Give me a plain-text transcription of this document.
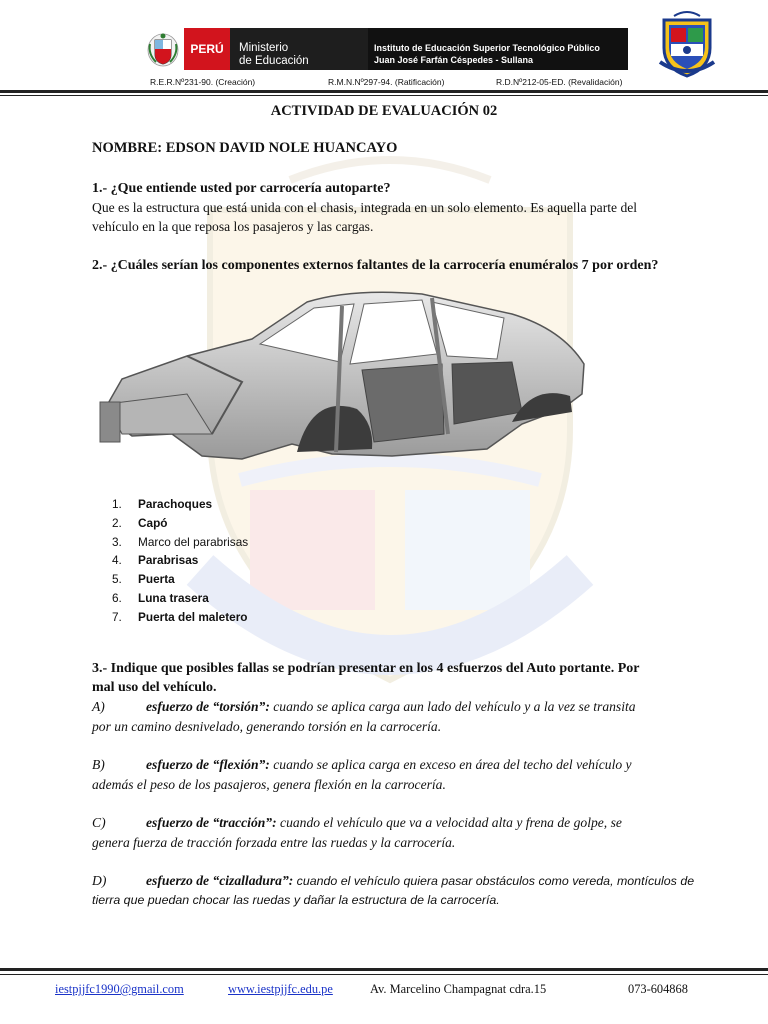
PERÚ	Ministerio
de Educación
Instituto de Educación Superior Tecnológico Público
Juan José Farfán Céspedes - Sullana
R.E.R.Nº231-90. (Creación)	R.M.N.Nº297-94. (Ratificación)	R.D.Nº212-05-ED. (Revalidación)
ACTIVIDAD DE EVALUACIÓN 02
NOMBRE: EDSON DAVID NOLE HUANCAYO
1.- ¿Que entiende usted por carrocería autoparte?
Que es la estructura que está unida con el chasis, integrada en un solo elemento. Es aquella parte del
vehículo en la que reposa los pasajeros y las cargas.
2.- ¿Cuáles serían los componentes externos faltantes de la carrocería enuméralos 7 por orden?
1.	Parachoques
2.	Capó
3.	Marco del parabrisas
4.	Parabrisas
5.	Puerta
6.	Luna trasera
7.	Puerta del maletero
3.- Indique que posibles fallas se podrían presentar en los 4 esfuerzos del Auto portante. Por
mal uso del vehículo.
A)	esfuerzo de “torsión”: cuando se aplica carga aun lado del vehículo y a la vez se transita
por un camino desnivelado, generando torsión en la carrocería.
B)	esfuerzo de “flexión”: cuando se aplica carga en exceso en área del techo del vehículo y
además el peso de los pasajeros, genera flexión en la carrocería.
C)	esfuerzo de “tracción”: cuando el vehículo que va a velocidad alta y frena de golpe, se
genera fuerza de tracción forzada entre las ruedas y la carrocería.
D)	esfuerzo de “cizalladura”: cuando el vehículo quiera pasar obstáculos como vereda, montículos de
tierra que puedan chocar las ruedas y dañar la estructura de la carrocería.
iestpjjfc1990@gmail.com	www.iestpjjfc.edu.pe	Av. Marcelino Champagnat cdra.15	073-604868
